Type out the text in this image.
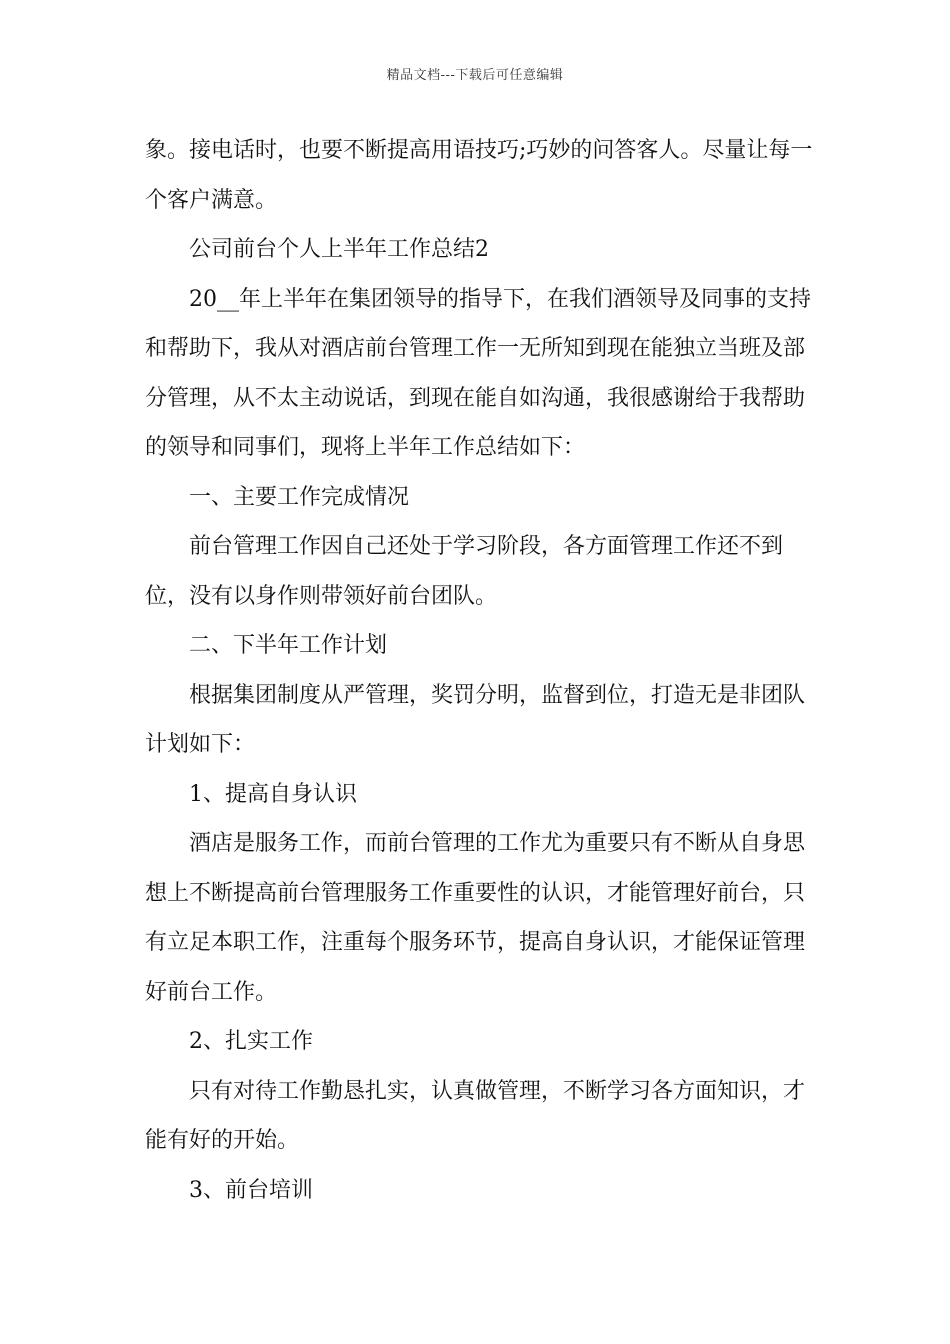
精品文档---下载后可任意编辑

象。接电话时，也要不断提高用语技巧;巧妙的问答客人。尽量让每一个客户满意。

公司前台个人上半年工作总结2

20__年上半年在集团领导的指导下，在我们酒领导及同事的支持和帮助下，我从对酒店前台管理工作一无所知到现在能独立当班及部分管理，从不太主动说话，到现在能自如沟通，我很感谢给于我帮助的领导和同事们，现将上半年工作总结如下：

一、主要工作完成情况

前台管理工作因自己还处于学习阶段，各方面管理工作还不到位，没有以身作则带领好前台团队。

二、下半年工作计划

根据集团制度从严管理，奖罚分明，监督到位，打造无是非团队计划如下：

1、提高自身认识

酒店是服务工作，而前台管理的工作尤为重要只有不断从自身思想上不断提高前台管理服务工作重要性的认识，才能管理好前台，只有立足本职工作，注重每个服务环节，提高自身认识，才能保证管理好前台工作。

2、扎实工作

只有对待工作勤恳扎实，认真做管理，不断学习各方面知识，才能有好的开始。

3、前台培训
